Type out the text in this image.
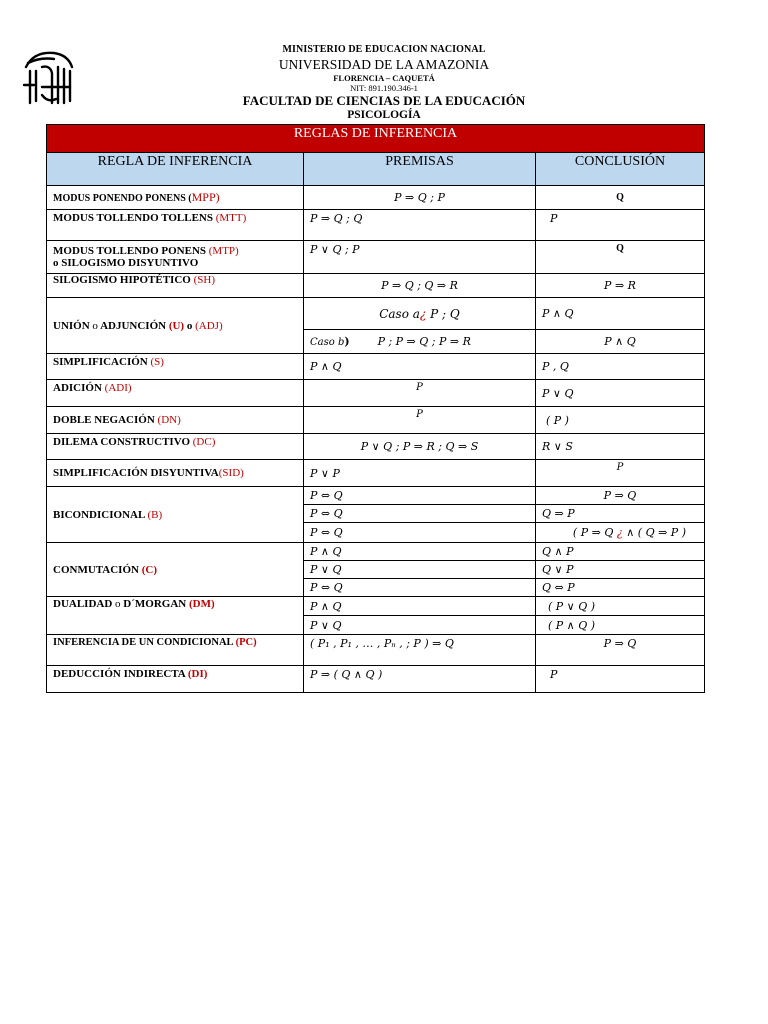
MINISTERIO DE EDUCACION NACIONAL
UNIVERSIDAD DE LA AMAZONIA
FLORENCIA – CAQUETÁ
NIT: 891.190.346-1
FACULTAD DE CIENCIAS DE LA EDUCACIÓN
PSICOLOGÍA
REGLAS DE INFERENCIA		
REGLA DE INFERENCIA	PREMISAS	CONCLUSIÓN
MODUS PONENDO PONENS (MPP)	P ⇒ Q ; P	Q
MODUS TOLLENDO TOLLENS (MTT)	P ⇒ Q ; Q	P
MODUS TOLLENDO PONENS (MTP)
o SILOGISMO DISYUNTIVO	P ∨ Q ; P	Q
SILOGISMO HIPOTÉTICO (SH)	P ⇒ Q ; Q ⇒ R	P ⇒ R
UNIÓN o ADJUNCIÓN (U) o (ADJ)	Caso a¿ P ; Q	P ∧ Q
	Caso b) P ; P ⇒ Q ; P ⇒ R	P ∧ Q
SIMPLIFICACIÓN (S)	P ∧ Q	P , Q
ADICIÓN (ADI)	P	P ∨ Q
DOBLE NEGACIÓN (DN)	P	( P )
DILEMA CONSTRUCTIVO (DC)	P ∨ Q ; P ⇒ R ; Q ⇒ S	R ∨ S
SIMPLIFICACIÓN DISYUNTIVA(SID)	P ∨ P	P
BICONDICIONAL (B)	P ⇔ Q	P ⇒ Q
	P ⇔ Q	Q ⇒ P
	P ⇔ Q	( P ⇒ Q ¿ ∧ ( Q ⇒ P )
CONMUTACIÓN (C)	P ∧ Q	Q ∧ P
	P ∨ Q	Q ∨ P
	P ⇔ Q	Q ⇔ P
DUALIDAD o D´MORGAN (DM)	P ∧ Q	( P ∨ Q )
	P ∨ Q	( P ∧ Q )
INFERENCIA DE UN CONDICIONAL (PC)	( P₁ , P₁ , … , Pₙ , ; P ) ⇒ Q	P ⇒ Q
DEDUCCIÓN INDIRECTA (DI)	P ⇒ ( Q ∧ Q )	P
